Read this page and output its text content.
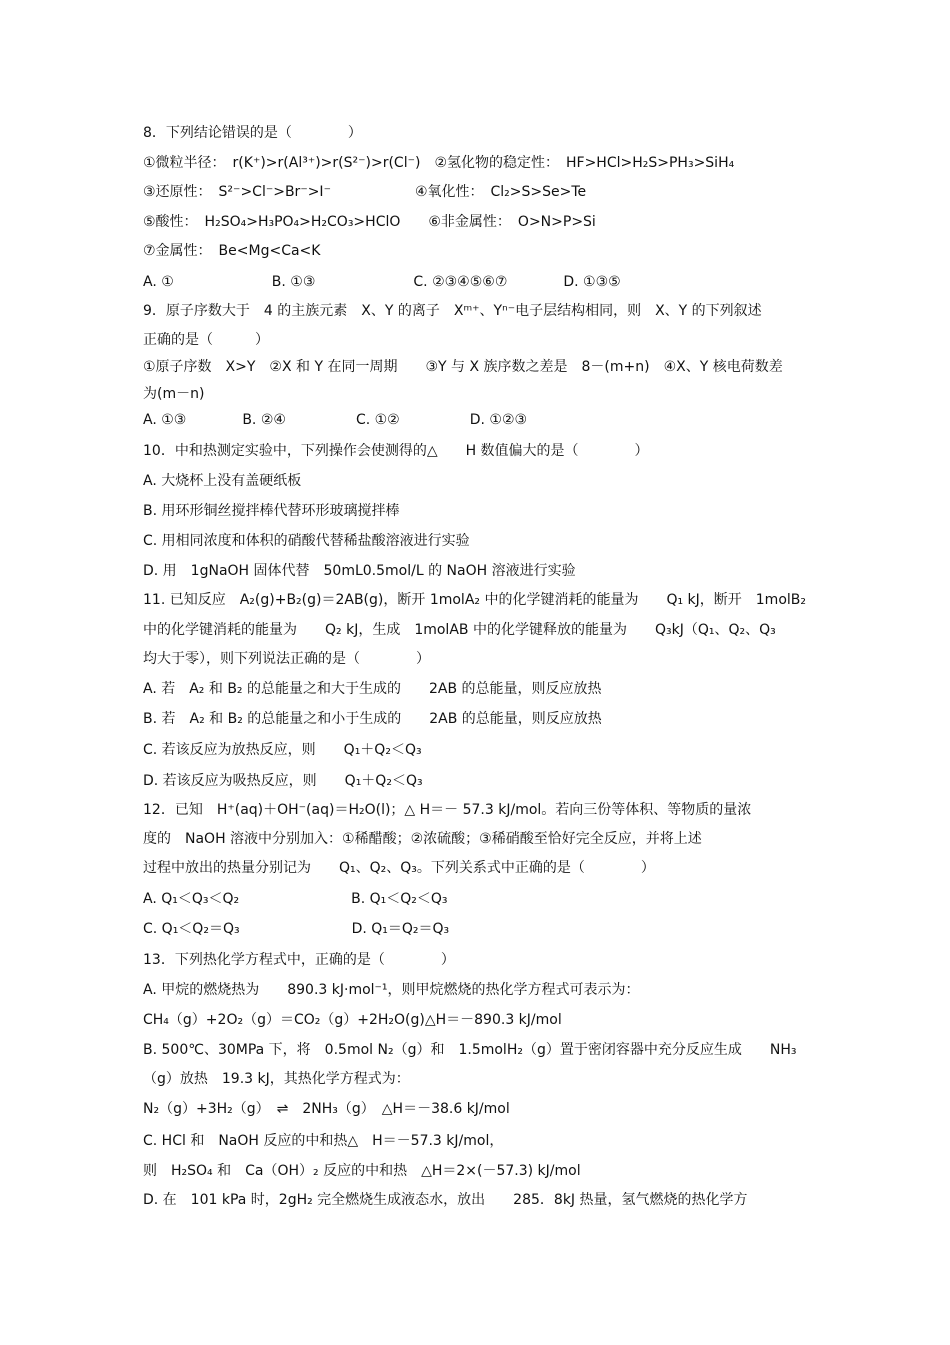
8．下列结论错误的是（　　　　）
①微粒半径：　r(K⁺)>r(Al³⁺)>r(S²⁻)>r(Cl⁻)　②氢化物的稳定性：　HF>HCl>H₂S>PH₃>SiH₄
③还原性：　S²⁻>Cl⁻>Br⁻>I⁻　　　　　　④氧化性：　Cl₂>S>Se>Te
⑤酸性：　H₂SO₄>H₃PO₄>H₂CO₃>HClO　　⑥非金属性：　O>N>P>Si
⑦金属性：　Be<Mg<Ca<K
A. ①　　　　　　　B. ①③　　　　　　　C. ②③④⑤⑥⑦　　　　D. ①③⑤
9．原子序数大于　4 的主族元素　X、Y 的离子　Xᵐ⁺、Yⁿ⁻电子层结构相同，则　X、Y 的下列叙述
正确的是（　　　）
①原子序数　X>Y　②X 和 Y 在同一周期　　③Y 与 X 族序数之差是　8－(m+n)　④X、Y 核电荷数差
为(m－n)
A. ①③　　　　B. ②④　　　　　C. ①②　　　　　D. ①②③
10．中和热测定实验中，下列操作会使测得的△　　H 数值偏大的是（　　　　）
A. 大烧杯上没有盖硬纸板
B. 用环形铜丝搅拌棒代替环形玻璃搅拌棒
C. 用相同浓度和体积的硝酸代替稀盐酸溶液进行实验
D. 用　1gNaOH 固体代替　50mL0.5mol/L 的 NaOH 溶液进行实验
11. 已知反应　A₂(g)+B₂(g)＝2AB(g)，断开 1molA₂ 中的化学键消耗的能量为　　Q₁ kJ，断开　1molB₂
中的化学键消耗的能量为　　Q₂ kJ，生成　1molAB 中的化学键释放的能量为　　Q₃kJ（Q₁、Q₂、Q₃
均大于零），则下列说法正确的是（　　　　）
A. 若　A₂ 和 B₂ 的总能量之和大于生成的　　2AB 的总能量，则反应放热
B. 若　A₂ 和 B₂ 的总能量之和小于生成的　　2AB 的总能量，则反应放热
C. 若该反应为放热反应，则　　Q₁＋Q₂＜Q₃
D. 若该反应为吸热反应，则　　Q₁＋Q₂＜Q₃
12．已知　H⁺(aq)＋OH⁻(aq)＝H₂O(l)；△ H＝－ 57.3 kJ/mol。若向三份等体积、等物质的量浓
度的　NaOH 溶液中分别加入：①稀醋酸；②浓硫酸；③稀硝酸至恰好完全反应，并将上述
过程中放出的热量分别记为　　Q₁、Q₂、Q₃。下列关系式中正确的是（　　　　）
A. Q₁＜Q₃＜Q₂　　　　　　　　B. Q₁＜Q₂＜Q₃
C. Q₁＜Q₂＝Q₃　　　　　　　　D. Q₁＝Q₂＝Q₃
13．下列热化学方程式中，正确的是（　　　　）
A. 甲烷的燃烧热为　　890.3 kJ·mol⁻¹，则甲烷燃烧的热化学方程式可表示为：
CH₄（g）+2O₂（g）＝CO₂（g）+2H₂O(g)△H＝－890.3 kJ/mol
B. 500℃、30MPa 下，将　0.5mol N₂（g）和　1.5molH₂（g）置于密闭容器中充分反应生成　　NH₃
（g）放热　19.3 kJ，其热化学方程式为：
N₂（g）+3H₂（g）　⇌　2NH₃（g）　△H＝－38.6 kJ/mol
C. HCl 和　NaOH 反应的中和热△　H＝－57.3 kJ/mol，
则　H₂SO₄ 和　Ca（OH）₂ 反应的中和热　△H＝2×(－57.3) kJ/mol
D. 在　101 kPa 时，2gH₂ 完全燃烧生成液态水，放出　　285．8kJ 热量，氢气燃烧的热化学方
